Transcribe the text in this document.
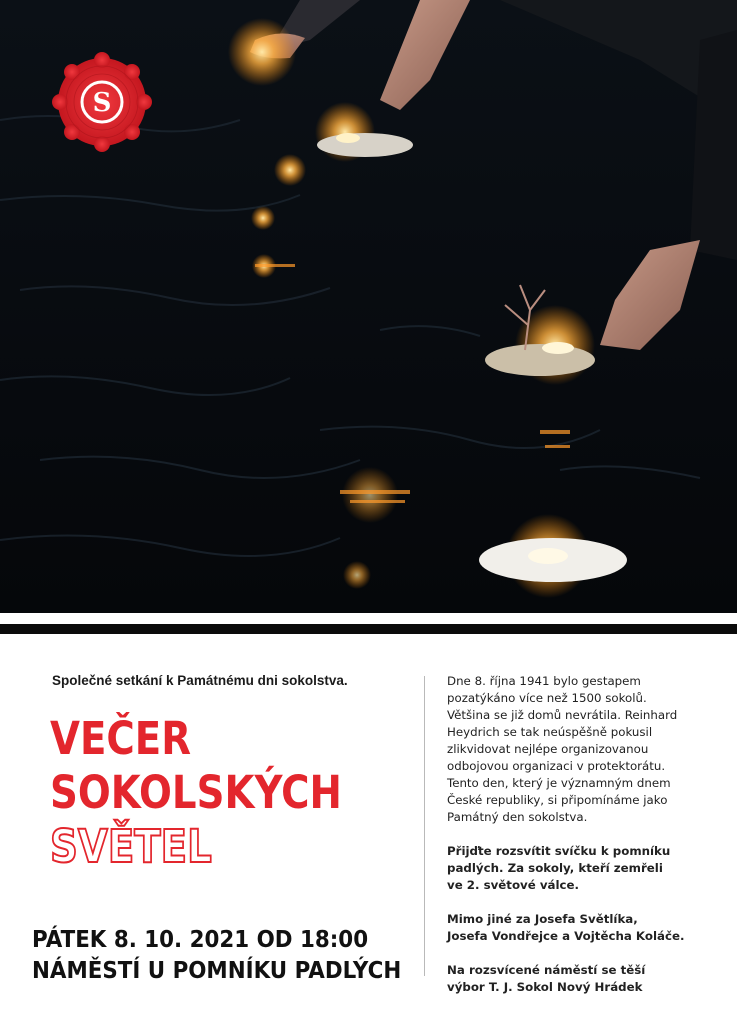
S
Společné setkání k Památnému dni sokolstva.
VEČER
SOKOLSKÝCH
SVĚTEL
PÁTEK 8. 10. 2021 OD 18:00
NÁMĚSTÍ U POMNÍKU PADLÝCH

Dne 8. října 1941 bylo gestapem
pozatýkáno více než 1500 sokolů.
Většina se již domů nevrátila. Reinhard
Heydrich se tak neúspěšně pokusil
zlikvidovat nejlépe organizovanou
odbojovou organizaci v protektorátu.
Tento den, který je významným dnem
České republiky, si připomínáme jako
Památný den sokolstva.

Přijďte rozsvítit svíčku k pomníku
padlých. Za sokoly, kteří zemřeli
ve 2. světové válce.

Mimo jiné za Josefa Světlíka,
Josefa Vondřejce a Vojtěcha Koláče.

Na rozsvícené náměstí se těší
výbor T. J. Sokol Nový Hrádek
